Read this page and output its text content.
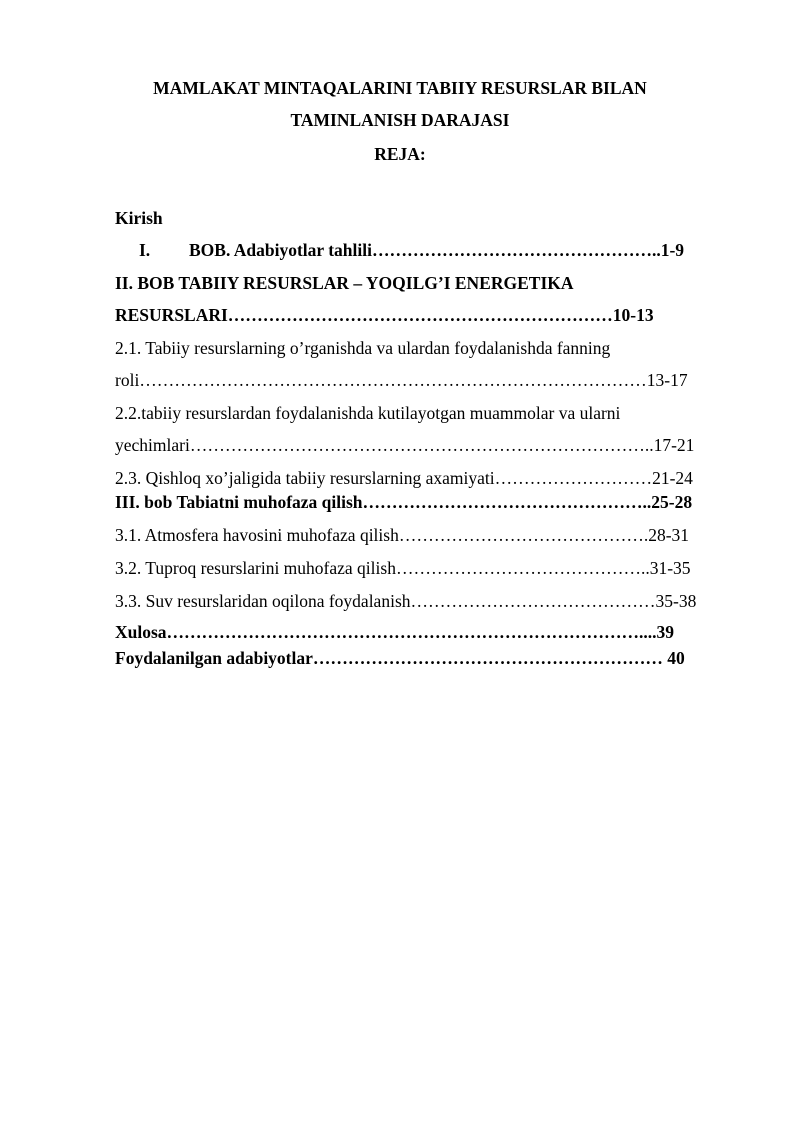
MAMLAKAT MINTAQALARINI TABIIY RESURSLAR BILAN
TAMINLANISH DARAJASI
REJA:
Kirish
I. BOB. Adabiyotlar tahlili…………………………………………..1-9
II. BOB TABIIY RESURSLAR – YOQILG’I ENERGETIKA
RESURSLARI…………………………………………………………10-13
2.1. Tabiiy resurslarning o’rganishda va ulardan foydalanishda fanning
roli……………………………………………………………………………13-17
2.2.tabiiy resurslardan foydalanishda kutilayotgan muammolar va ularni
yechimlari……………………………………………………………………..17-21
2.3. Qishloq xo’jaligida tabiiy resurslarning axamiyati………………………21-24
III. bob Tabiatni muhofaza qilish…………………………………………..25-28
3.1. Atmosfera havosini muhofaza qilish…………………………………….28-31
3.2. Tuproq resurslarini muhofaza qilish……………………………………..31-35
3.3. Suv resurslaridan oqilona foydalanish……………………………………35-38
Xulosa………………………………………………………………………....39
Foydalanilgan adabiyotlar…………………………………………………… 40
